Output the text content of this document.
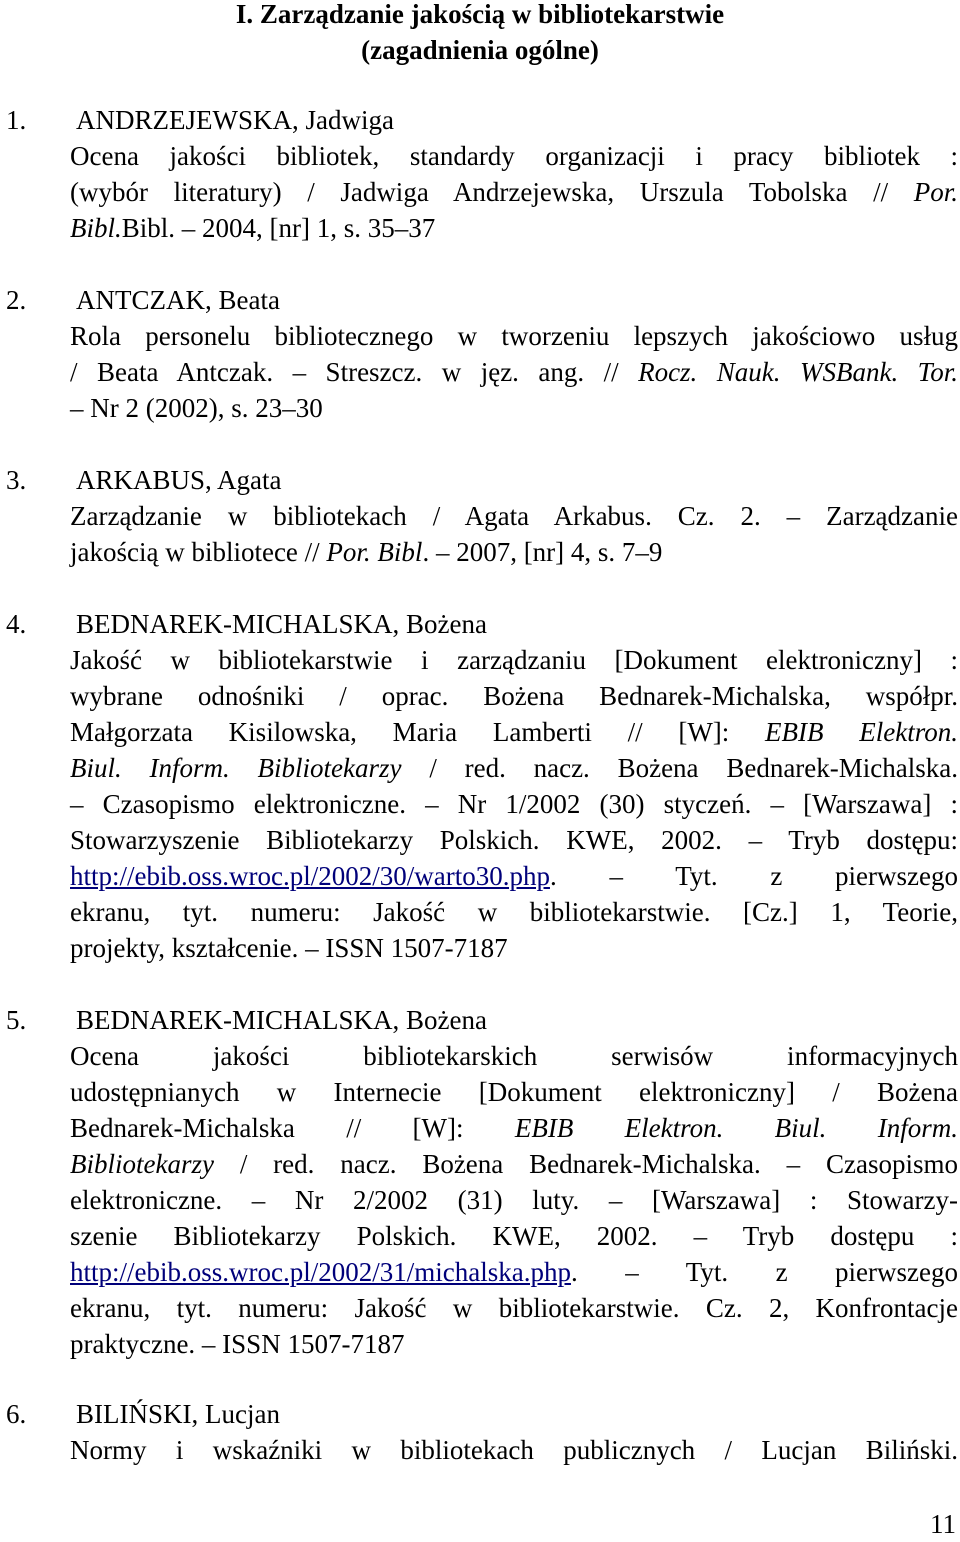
I. Zarządzanie jakością w bibliotekarstwie
(zagadnienia ogólne)
1. ANDRZEJEWSKA, Jadwiga
Ocena jakości bibliotek, standardy organizacji i pracy bibliotek :
(wybór literatury) / Jadwiga Andrzejewska, Urszula Tobolska // Por.
Bibl.Bibl. – 2004, [nr] 1, s. 35–37
2. ANTCZAK, Beata
Rola personelu bibliotecznego w tworzeniu lepszych jakościowo usług
/ Beata Antczak. – Streszcz. w jęz. ang. // Rocz. Nauk. WSBank. Tor.
– Nr 2 (2002), s. 23–30
3. ARKABUS, Agata
Zarządzanie w bibliotekach / Agata Arkabus. Cz. 2. – Zarządzanie
jakością w bibliotece // Por. Bibl. – 2007, [nr] 4, s. 7–9
4. BEDNAREK-MICHALSKA, Bożena
Jakość w bibliotekarstwie i zarządzaniu [Dokument elektroniczny] :
wybrane odnośniki / oprac. Bożena Bednarek-Michalska, współpr.
Małgorzata Kisilowska, Maria Lamberti // [W]: EBIB Elektron.
Biul. Inform. Bibliotekarzy / red. nacz. Bożena Bednarek-Michalska.
– Czasopismo elektroniczne. – Nr 1/2002 (30) styczeń. – [Warszawa] :
Stowarzyszenie Bibliotekarzy Polskich. KWE, 2002. – Tryb dostępu:
http://ebib.oss.wroc.pl/2002/30/warto30.php. – Tyt. z pierwszego
ekranu, tyt. numeru: Jakość w bibliotekarstwie. [Cz.] 1, Teorie,
projekty, kształcenie. – ISSN 1507-7187
5. BEDNAREK-MICHALSKA, Bożena
Ocena jakości bibliotekarskich serwisów informacyjnych
udostępnianych w Internecie [Dokument elektroniczny] / Bożena
Bednarek-Michalska // [W]: EBIB Elektron. Biul. Inform.
Bibliotekarzy / red. nacz. Bożena Bednarek-Michalska. – Czasopismo
elektroniczne. – Nr 2/2002 (31) luty. – [Warszawa] : Stowarzy-
szenie Bibliotekarzy Polskich. KWE, 2002. – Tryb dostępu :
http://ebib.oss.wroc.pl/2002/31/michalska.php. – Tyt. z pierwszego
ekranu, tyt. numeru: Jakość w bibliotekarstwie. Cz. 2, Konfrontacje
praktyczne. – ISSN 1507-7187
6. BILIŃSKI, Lucjan
Normy i wskaźniki w bibliotekach publicznych / Lucjan Biliński.
11
